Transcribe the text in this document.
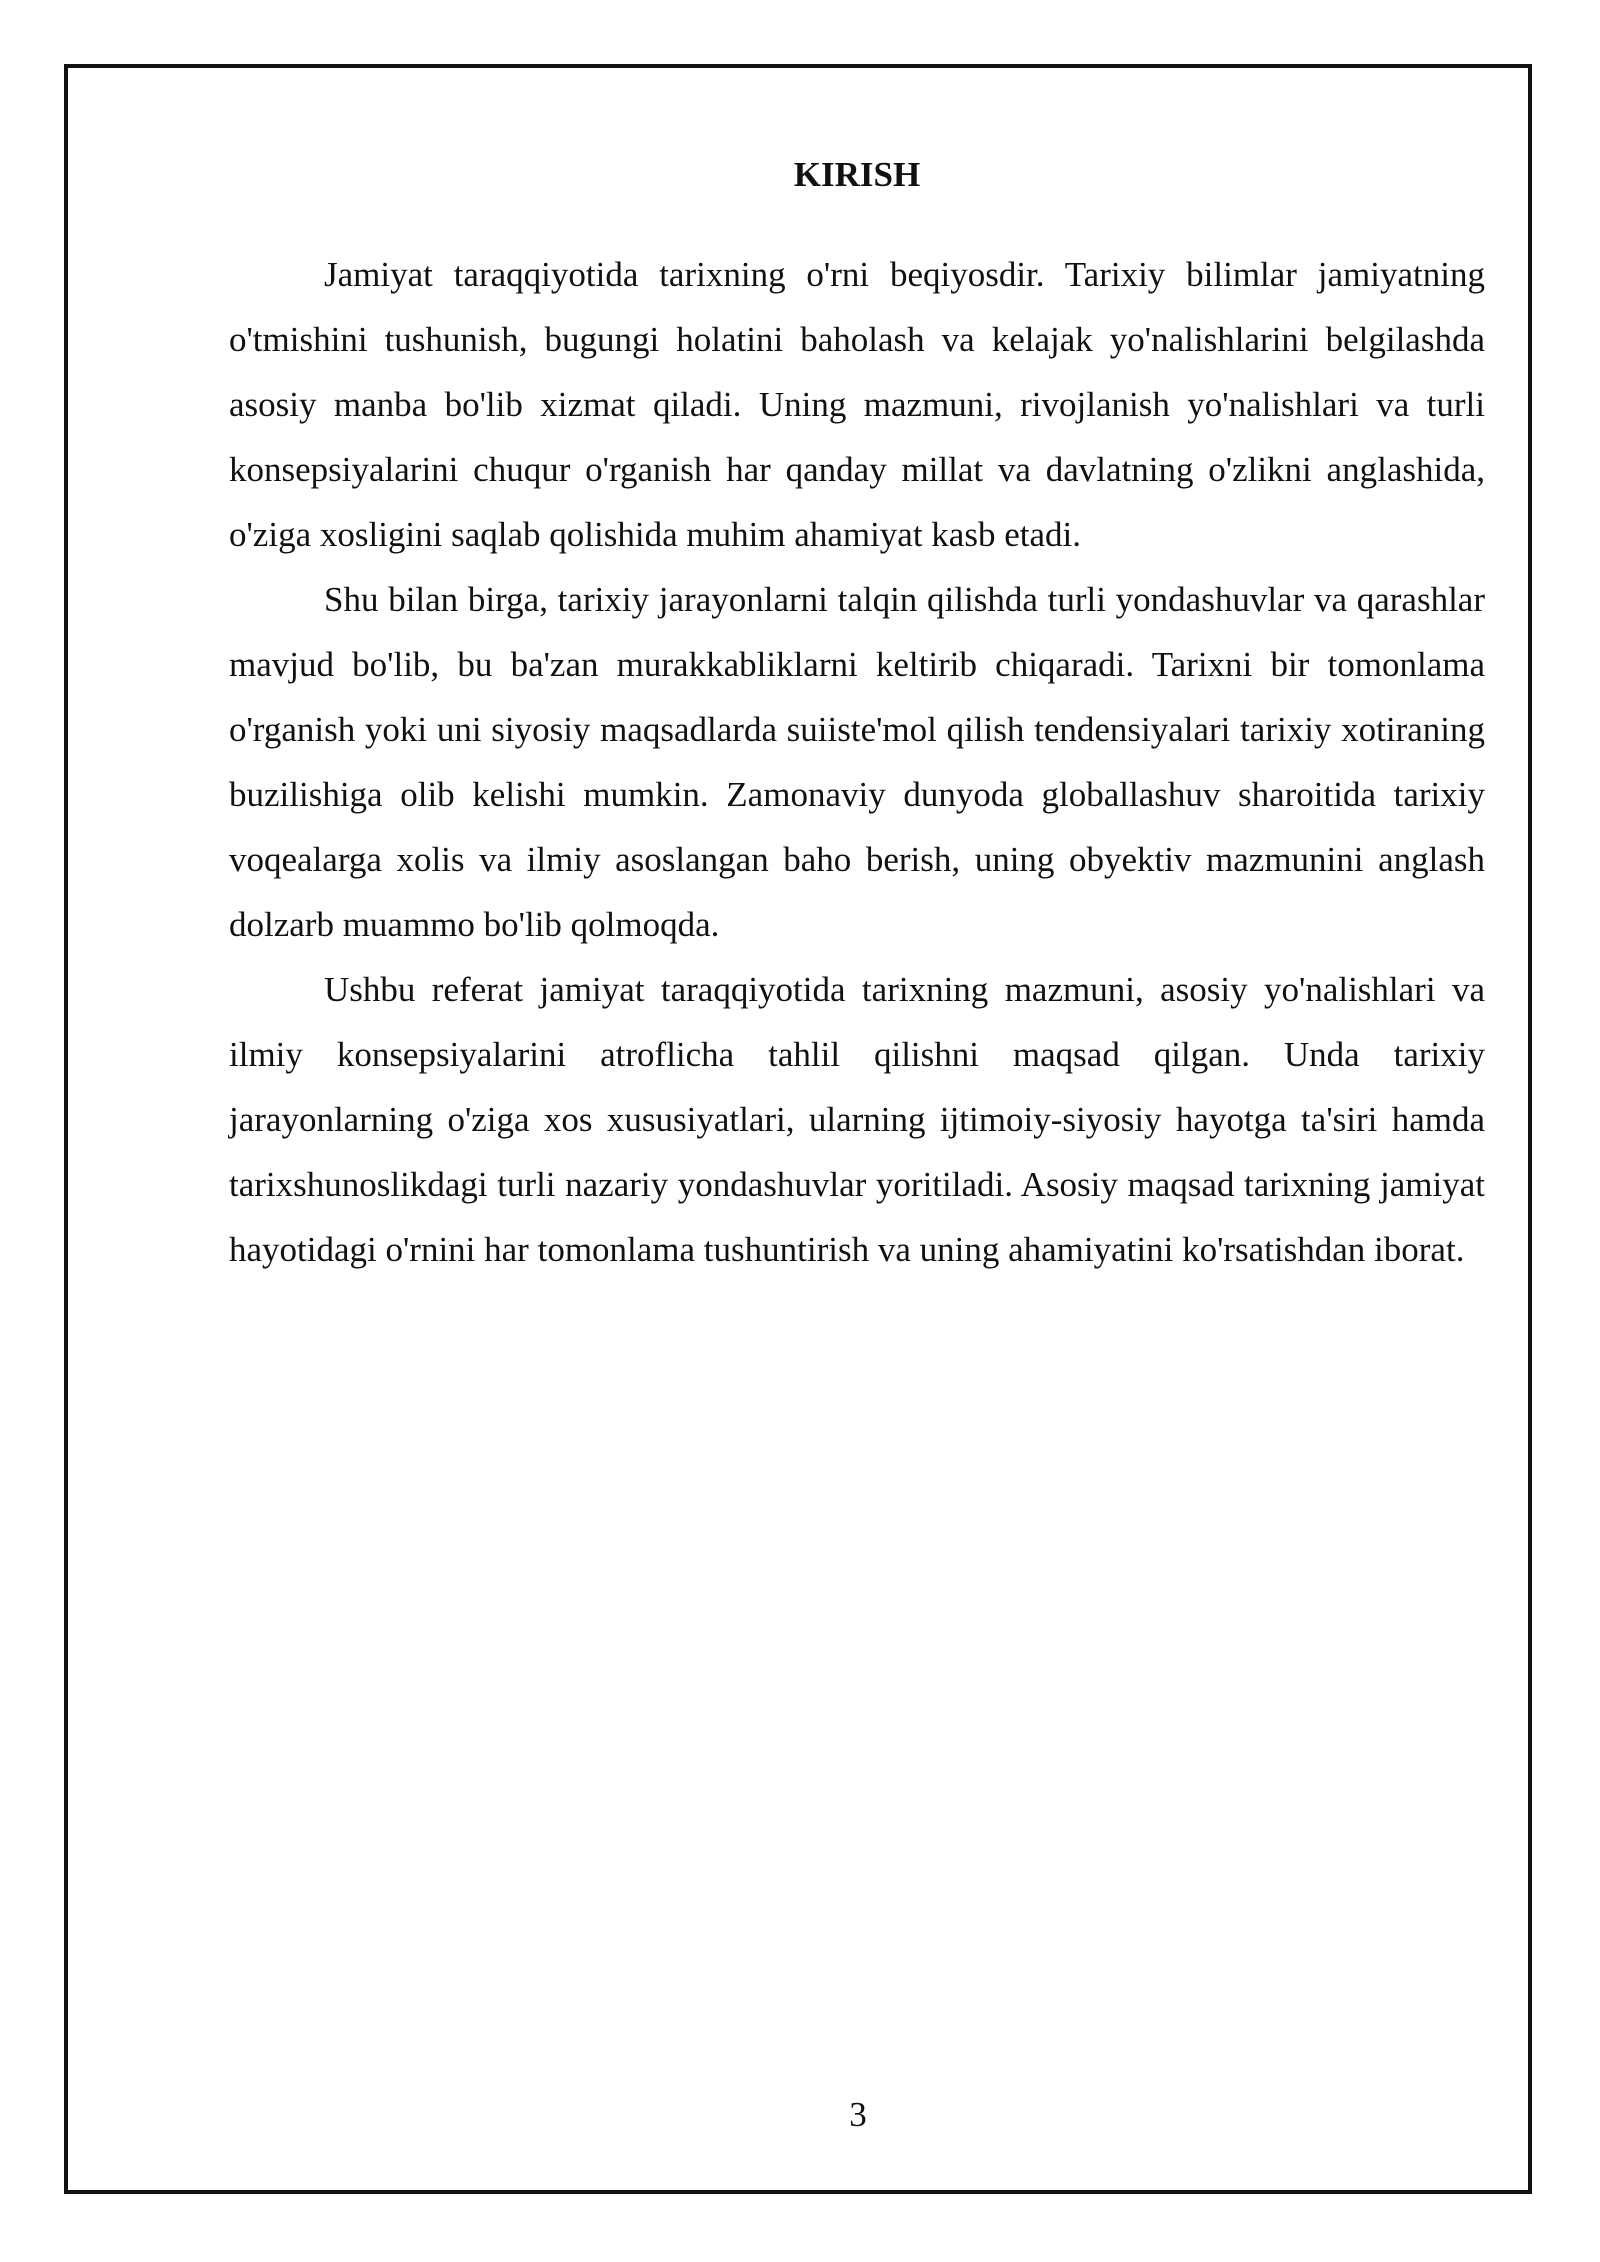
KIRISH

Jamiyat taraqqiyotida tarixning o'rni beqiyosdir. Tarixiy bilimlar jamiyatning o'tmishini tushunish, bugungi holatini baholash va kelajak yo'nalishlarini belgilashda asosiy manba bo'lib xizmat qiladi. Uning mazmuni, rivojlanish yo'nalishlari va turli konsepsiyalarini chuqur o'rganish har qanday millat va davlatning o'zlikni anglashida, o'ziga xosligini saqlab qolishida muhim ahamiyat kasb etadi.

Shu bilan birga, tarixiy jarayonlarni talqin qilishda turli yondashuvlar va qarashlar mavjud bo'lib, bu ba'zan murakkabliklarni keltirib chiqaradi. Tarixni bir tomonlama o'rganish yoki uni siyosiy maqsadlarda suiiste'mol qilish tendensiyalari tarixiy xotiraning buzilishiga olib kelishi mumkin. Zamonaviy dunyoda globallashuv sharoitida tarixiy voqealarga xolis va ilmiy asoslangan baho berish, uning obyektiv mazmunini anglash dolzarb muammo bo'lib qolmoqda.

Ushbu referat jamiyat taraqqiyotida tarixning mazmuni, asosiy yo'nalishlari va ilmiy konsepsiyalarini atroflicha tahlil qilishni maqsad qilgan. Unda tarixiy jarayonlarning o'ziga xos xususiyatlari, ularning ijtimoiy-siyosiy hayotga ta'siri hamda tarixshunoslikdagi turli nazariy yondashuvlar yoritiladi. Asosiy maqsad tarixning jamiyat hayotidagi o'rnini har tomonlama tushuntirish va uning ahamiyatini ko'rsatishdan iborat.

3
